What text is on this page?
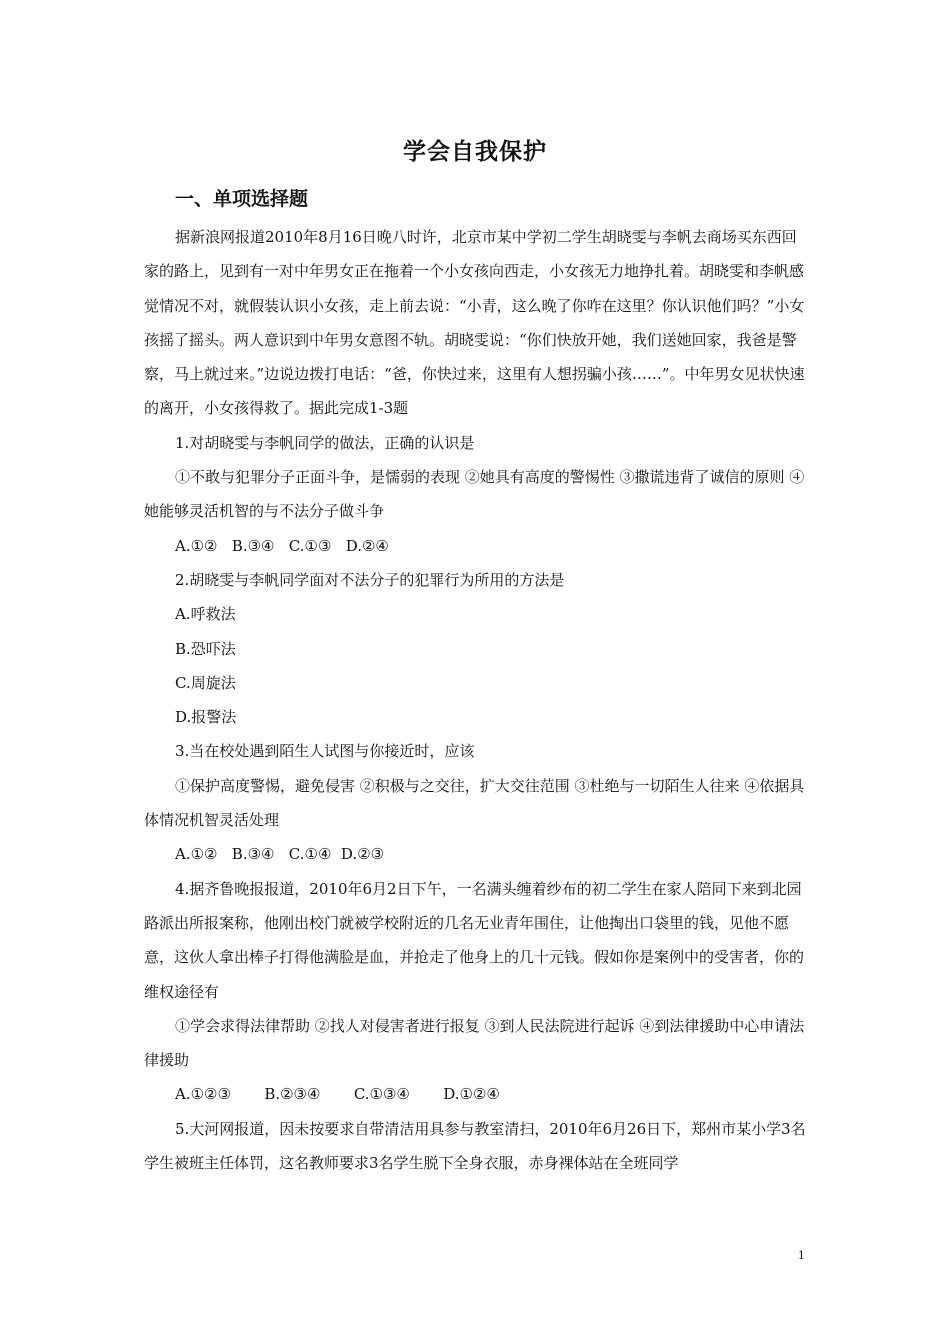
学会自我保护
一、单项选择题

据新浪网报道2010年8月16日晚八时许，北京市某中学初二学生胡晓雯与李帆去商场买东西回家的路上，见到有一对中年男女正在拖着一个小女孩向西走，小女孩无力地挣扎着。胡晓雯和李帆感觉情况不对，就假装认识小女孩，走上前去说：“小青，这么晚了你咋在这里？你认识他们吗？”小女孩摇了摇头。两人意识到中年男女意图不轨。胡晓雯说：“你们快放开她，我们送她回家，我爸是警察，马上就过来。”边说边拨打电话：“爸，你快过来，这里有人想拐骗小孩……”。中年男女见状快速的离开，小女孩得救了。据此完成1-3题

1.对胡晓雯与李帆同学的做法，正确的认识是

①不敢与犯罪分子正面斗争，是懦弱的表现 ②她具有高度的警惕性 ③撒谎违背了诚信的原则 ④她能够灵活机智的与不法分子做斗争

A.①②   B.③④   C.①③   D.②④

2.胡晓雯与李帆同学面对不法分子的犯罪行为所用的方法是

A.呼救法

B.恐吓法

C.周旋法

D.报警法

3.当在校处遇到陌生人试图与你接近时，应该

①保护高度警惕，避免侵害 ②积极与之交往，扩大交往范围 ③杜绝与一切陌生人往来 ④依据具体情况机智灵活处理

A.①②   B.③④   C.①④  D.②③

4.据齐鲁晚报报道，2010年6月2日下午，一名满头缠着纱布的初二学生在家人陪同下来到北园路派出所报案称，他刚出校门就被学校附近的几名无业青年围住，让他掏出口袋里的钱，见他不愿意，这伙人拿出棒子打得他满脸是血，并抢走了他身上的几十元钱。假如你是案例中的受害者，你的维权途径有

①学会求得法律帮助 ②找人对侵害者进行报复 ③到人民法院进行起诉 ④到法律援助中心申请法律援助

A.①②③       B.②③④       C.①③④       D.①②④

5.大河网报道，因未按要求自带清洁用具参与教室清扫，2010年6月26日下，郑州市某小学3名学生被班主任体罚，这名教师要求3名学生脱下全身衣服，赤身裸体站在全班同学

1
